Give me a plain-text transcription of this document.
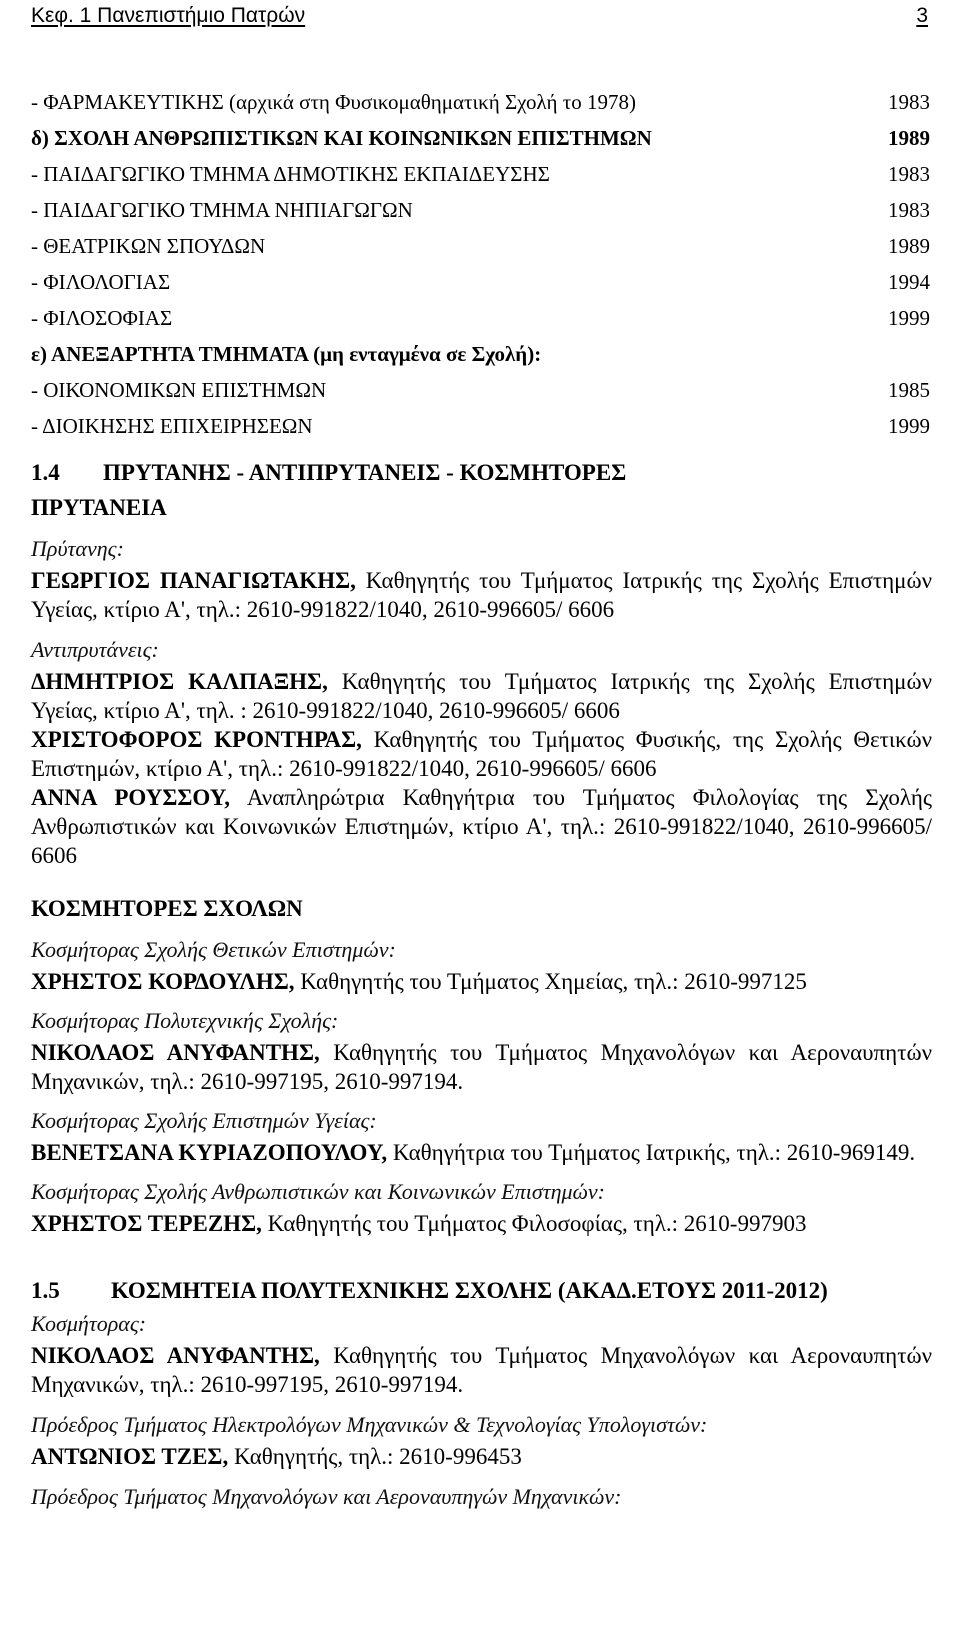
Κεφ. 1 Πανεπιστήμιο Πατρών	3
- ΦΑΡΜΑΚΕΥΤΙΚΗΣ (αρχικά στη Φυσικομαθηματική Σχολή το 1978)	1983
δ) ΣΧΟΛΗ ΑΝΘΡΩΠΙΣΤΙΚΩΝ ΚΑΙ ΚΟΙΝΩΝΙΚΩΝ ΕΠΙΣΤΗΜΩΝ	1989
- ΠΑΙΔΑΓΩΓΙΚΟ ΤΜΗΜΑ ΔΗΜΟΤΙΚΗΣ ΕΚΠΑΙΔΕΥΣΗΣ	1983
- ΠΑΙΔΑΓΩΓΙΚΟ ΤΜΗΜΑ ΝΗΠΙΑΓΩΓΩΝ	1983
- ΘΕΑΤΡΙΚΩΝ ΣΠΟΥΔΩΝ	1989
- ΦΙΛΟΛΟΓΙΑΣ	1994
- ΦΙΛΟΣΟΦΙΑΣ	1999
ε) ΑΝΕΞΑΡΤΗΤΑ ΤΜΗΜΑΤΑ (μη ενταγμένα σε Σχολή):
- ΟΙΚΟΝΟΜΙΚΩΝ ΕΠΙΣΤΗΜΩΝ	1985
- ΔΙΟΙΚΗΣΗΣ ΕΠΙΧΕΙΡΗΣΕΩΝ	1999
1.4	ΠΡΥΤΑΝΗΣ - ΑΝΤΙΠΡΥΤΑΝΕΙΣ - ΚΟΣΜΗΤΟΡΕΣ
ΠΡΥΤΑΝΕΙΑ

Πρύτανης:

ΓΕΩΡΓΙΟΣ ΠΑΝΑΓΙΩΤΑΚΗΣ, Καθηγητής του Τμήματος Ιατρικής της Σχολής Επιστημών Υγείας, κτίριο Α', τηλ.: 2610-991822/1040, 2610-996605/ 6606

Αντιπρυτάνεις:

ΔΗΜΗΤΡΙΟΣ ΚΑΛΠΑΞΗΣ, Καθηγητής του Τμήματος Ιατρικής της Σχολής Επιστημών Υγείας, κτίριο Α', τηλ. : 2610-991822/1040, 2610-996605/ 6606

ΧΡΙΣΤΟΦΟΡΟΣ ΚΡΟΝΤΗΡΑΣ, Καθηγητής του Τμήματος Φυσικής, της Σχολής Θετικών Επιστημών, κτίριο Α', τηλ.: 2610-991822/1040, 2610-996605/ 6606

ΑΝΝΑ ΡΟΥΣΣΟΥ, Αναπληρώτρια Καθηγήτρια του Τμήματος Φιλολογίας της Σχολής Ανθρωπιστικών και Κοινωνικών Επιστημών, κτίριο Α', τηλ.: 2610-991822/1040, 2610-996605/ 6606

ΚΟΣΜΗΤΟΡΕΣ ΣΧΟΛΩΝ

Κοσμήτορας Σχολής Θετικών Επιστημών:

ΧΡΗΣΤΟΣ ΚΟΡΔΟΥΛΗΣ, Καθηγητής του Τμήματος Χημείας, τηλ.: 2610-997125

Κοσμήτορας Πολυτεχνικής Σχολής:

ΝΙΚΟΛΑΟΣ ΑΝΥΦΑΝΤΗΣ, Καθηγητής του Τμήματος Μηχανολόγων και Αεροναυπητών Μηχανικών, τηλ.: 2610-997195, 2610-997194.

Κοσμήτορας Σχολής Επιστημών Υγείας:

ΒΕΝΕΤΣΑΝΑ ΚΥΡΙΑΖΟΠΟΥΛΟΥ, Καθηγήτρια του Τμήματος Ιατρικής, τηλ.: 2610-969149.

Κοσμήτορας Σχολής Ανθρωπιστικών και Κοινωνικών Επιστημών:

ΧΡΗΣΤΟΣ ΤΕΡΕΖΗΣ, Καθηγητής του Τμήματος Φιλοσοφίας, τηλ.: 2610-997903

1.5	ΚΟΣΜΗΤΕΙΑ ΠΟΛΥΤΕΧΝΙΚΗΣ ΣΧΟΛΗΣ (ΑΚΑΔ.ΕΤΟΥΣ 2011-2012)

Κοσμήτορας:

ΝΙΚΟΛΑΟΣ ΑΝΥΦΑΝΤΗΣ, Καθηγητής του Τμήματος Μηχανολόγων και Αεροναυπητών Μηχανικών, τηλ.: 2610-997195, 2610-997194.

Πρόεδρος Τμήματος Ηλεκτρολόγων Μηχανικών & Τεχνολογίας Υπολογιστών:

ΑΝΤΩΝΙΟΣ ΤΖΕΣ, Καθηγητής, τηλ.: 2610-996453

Πρόεδρος Τμήματος Μηχανολόγων και Αεροναυπηγών Μηχανικών:
